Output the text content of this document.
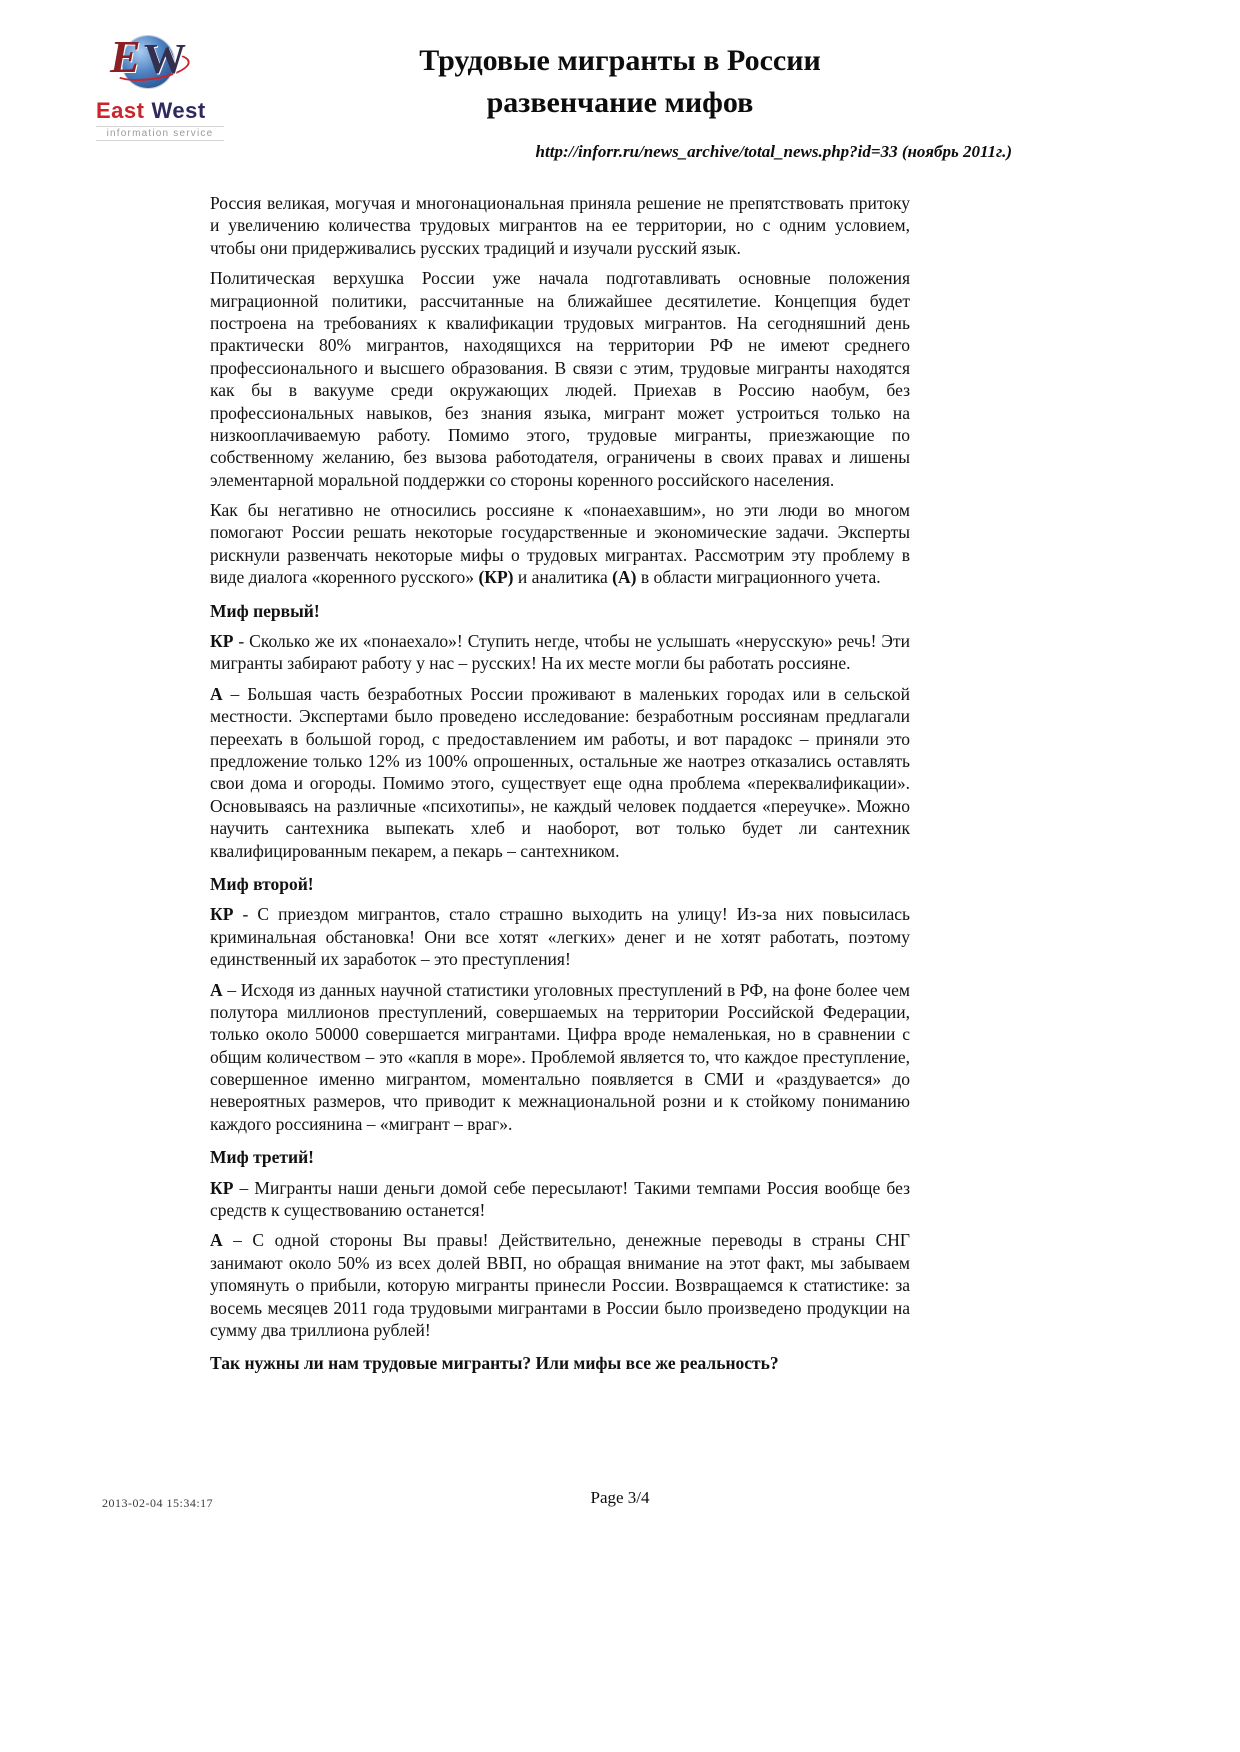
E W
East West
information service
Трудовые мигранты в России
развенчание мифов
http://inforr.ru/news_archive/total_news.php?id=33 (ноябрь 2011г.)

Россия великая, могучая и многонациональная приняла решение не препятствовать притоку и увеличению количества трудовых мигрантов на ее территории, но с одним условием, чтобы они придерживались русских традиций и изучали русский язык.

Политическая верхушка России уже начала подготавливать основные положения миграционной политики, рассчитанные на ближайшее десятилетие. Концепция будет построена на требованиях к квалификации трудовых мигрантов. На сегодняшний день практически 80% мигрантов, находящихся на территории РФ не имеют среднего профессионального и высшего образования. В связи с этим, трудовые мигранты находятся как бы в вакууме среди окружающих людей. Приехав в Россию наобум, без профессиональных навыков, без знания языка, мигрант может устроиться только на низкооплачиваемую работу. Помимо этого, трудовые мигранты, приезжающие по собственному желанию, без вызова работодателя, ограничены в своих правах и лишены элементарной моральной поддержки со стороны коренного российского населения.

Как бы негативно не относились россияне к «понаехавшим», но эти люди во многом помогают России решать некоторые государственные и экономические задачи. Эксперты рискнули развенчать некоторые мифы о трудовых мигрантах. Рассмотрим эту проблему в виде диалога «коренного русского» (КР) и аналитика (А) в области миграционного учета.

Миф первый!

КР - Сколько же их «понаехало»! Ступить негде, чтобы не услышать «нерусскую» речь! Эти мигранты забирают работу у нас – русских! На их месте могли бы работать россияне.

А – Большая часть безработных России проживают в маленьких городах или в сельской местности. Экспертами было проведено исследование: безработным россиянам предлагали переехать в большой город, с предоставлением им работы, и вот парадокс – приняли это предложение только 12% из 100% опрошенных, остальные же наотрез отказались оставлять свои дома и огороды. Помимо этого, существует еще одна проблема «переквалификации». Основываясь на различные «психотипы», не каждый человек поддается «переучке». Можно научить сантехника выпекать хлеб и наоборот, вот только будет ли сантехник квалифицированным пекарем, а пекарь – сантехником.

Миф второй!

КР - С приездом мигрантов, стало страшно выходить на улицу! Из-за них повысилась криминальная обстановка! Они все хотят «легких» денег и не хотят работать, поэтому единственный их заработок – это преступления!

А – Исходя из данных научной статистики уголовных преступлений в РФ, на фоне более чем полутора миллионов преступлений, совершаемых на территории Российской Федерации, только около 50000 совершается мигрантами. Цифра вроде немаленькая, но в сравнении с общим количеством – это «капля в море». Проблемой является то, что каждое преступление, совершенное именно мигрантом, моментально появляется в СМИ и «раздувается» до невероятных размеров, что приводит к межнациональной розни и к стойкому пониманию каждого россиянина – «мигрант – враг».

Миф третий!

КР – Мигранты наши деньги домой себе пересылают! Такими темпами Россия вообще без средств к существованию останется!

А – С одной стороны Вы правы! Действительно, денежные переводы в страны СНГ занимают около 50% из всех долей ВВП, но обращая внимание на этот факт, мы забываем упомянуть о прибыли, которую мигранты принесли России. Возвращаемся к статистике: за восемь месяцев 2011 года трудовыми мигрантами в России было произведено продукции на сумму два триллиона рублей!

Так нужны ли нам трудовые мигранты? Или мифы все же реальность?

2013-02-04 15:34:17	Page 3/4
